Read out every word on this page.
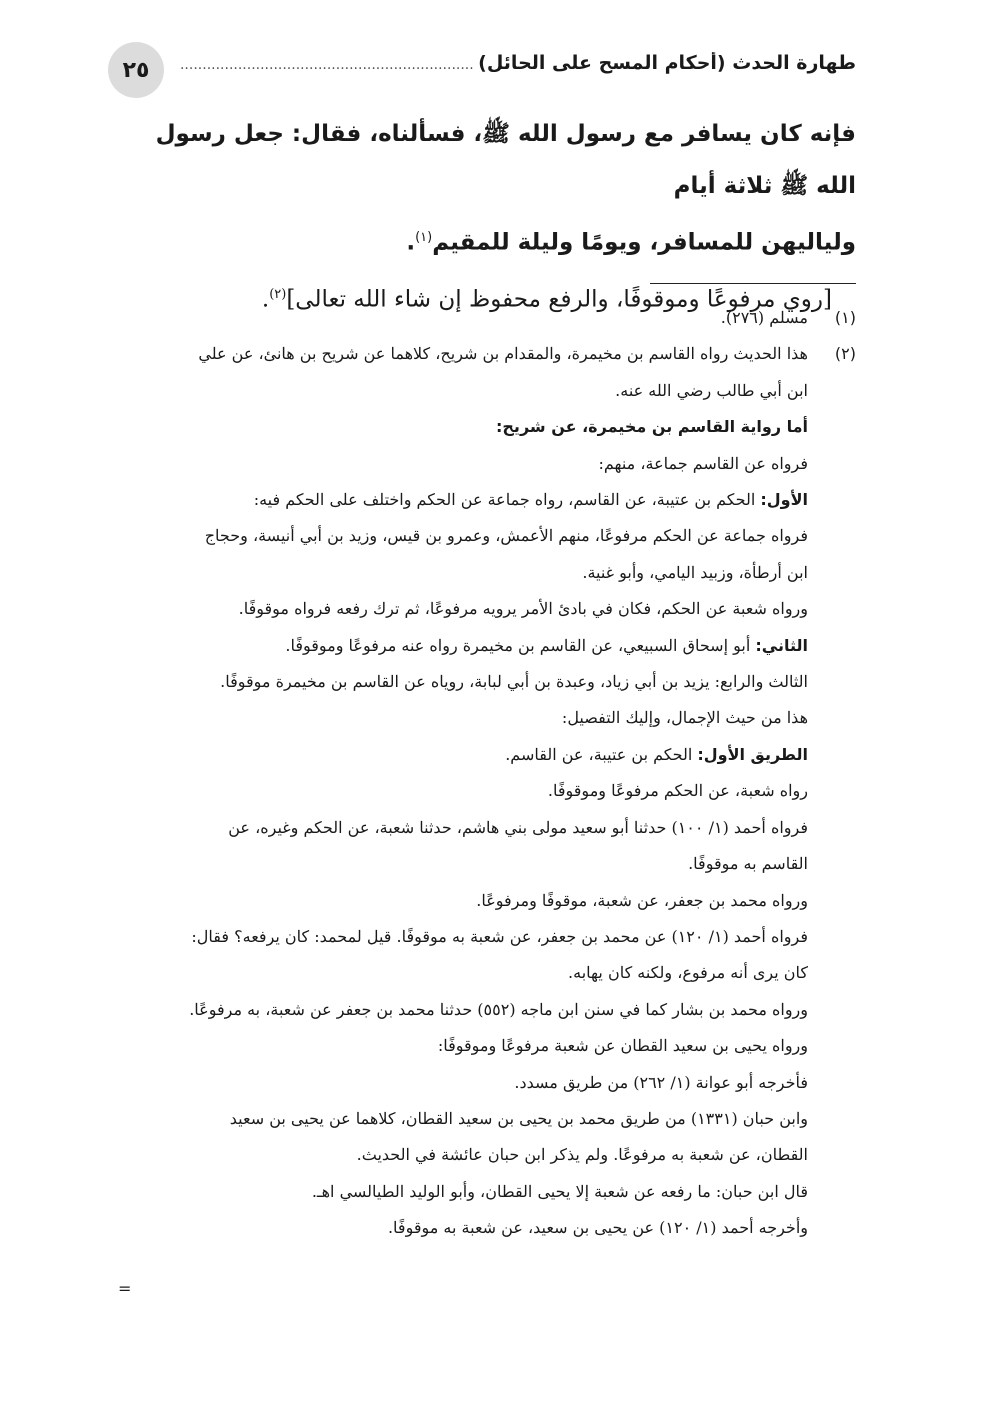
٢٥	طهارة الحدث (أحكام المسح على الحائل) .....

فإنه كان يسافر مع رسول الله ﷺ، فسألناه، فقال: جعل رسول الله ﷺ ثلاثة أيام

ولياليهن للمسافر، ويومًا وليلة للمقيم$^{(١)}$.

[روي مرفوعًا وموقوفًا، والرفع محفوظ إن شاء الله تعالى]$^{(٢)}$.

(١)
مسلم (٢٧٦).
(٢)
هذا الحديث رواه القاسم بن مخيمرة، والمقدام بن شريح، كلاهما عن شريح بن هانئ، عن علي
ابن أبي طالب رضي الله عنه.
أما رواية القاسم بن مخيمرة، عن شريح:
فرواه عن القاسم جماعة، منهم:
الأول: الحكم بن عتيبة، عن القاسم، رواه جماعة عن الحكم واختلف على الحكم فيه:
فرواه جماعة عن الحكم مرفوعًا، منهم الأعمش، وعمرو بن قيس، وزيد بن أبي أنيسة، وحجاج
ابن أرطأة، وزبيد اليامي، وأبو غنية.
ورواه شعبة عن الحكم، فكان في بادئ الأمر يرويه مرفوعًا، ثم ترك رفعه فرواه موقوفًا.
الثاني: أبو إسحاق السبيعي، عن القاسم بن مخيمرة رواه عنه مرفوعًا وموقوفًا.
الثالث والرابع: يزيد بن أبي زياد، وعبدة بن أبي لبابة، روياه عن القاسم بن مخيمرة موقوفًا.
هذا من حيث الإجمال، وإليك التفصيل:
الطريق الأول: الحكم بن عتيبة، عن القاسم.
رواه شعبة، عن الحكم مرفوعًا وموقوفًا.
فرواه أحمد (١/ ١٠٠) حدثنا أبو سعيد مولى بني هاشم، حدثنا شعبة، عن الحكم وغيره، عن
القاسم به موقوفًا.
ورواه محمد بن جعفر، عن شعبة، موقوفًا ومرفوعًا.
فرواه أحمد (١/ ١٢٠) عن محمد بن جعفر، عن شعبة به موقوفًا. قيل لمحمد: كان يرفعه؟ فقال:
كان يرى أنه مرفوع، ولكنه كان يهابه.
ورواه محمد بن بشار كما في سنن ابن ماجه (٥٥٢) حدثنا محمد بن جعفر عن شعبة، به مرفوعًا.
ورواه يحيى بن سعيد القطان عن شعبة مرفوعًا وموقوفًا:
فأخرجه أبو عوانة (١/ ٢٦٢) من طريق مسدد.
وابن حبان (١٣٣١) من طريق محمد بن يحيى بن سعيد القطان، كلاهما عن يحيى بن سعيد
القطان، عن شعبة به مرفوعًا. ولم يذكر ابن حبان عائشة في الحديث.
قال ابن حبان: ما رفعه عن شعبة إلا يحيى القطان، وأبو الوليد الطيالسي اهـ.
وأخرجه أحمد (١/ ١٢٠) عن يحيى بن سعيد، عن شعبة به موقوفًا.
=
